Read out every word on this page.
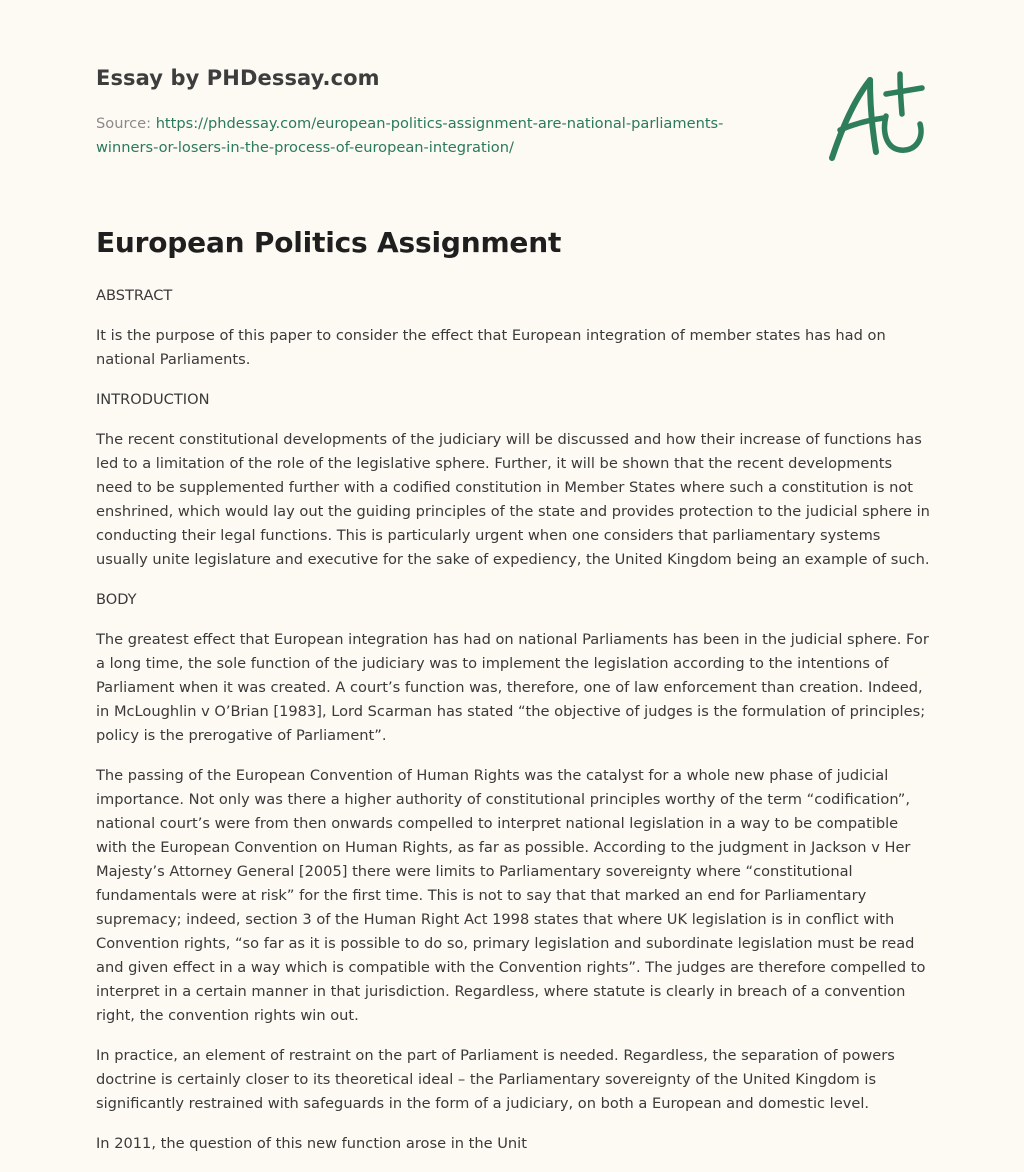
Essay by PHDessay.com
Source: https://phdessay.com/european-politics-assignment-are-national-parliaments-
winners-or-losers-in-the-process-of-european-integration/
European Politics Assignment

ABSTRACT

It is the purpose of this paper to consider the effect that European integration of member states has had on national Parliaments.

INTRODUCTION

The recent constitutional developments of the judiciary will be discussed and how their increase of functions has led to a limitation of the role of the legislative sphere. Further, it will be shown that the recent developments need to be supplemented further with a codified constitution in Member States where such a constitution is not enshrined, which would lay out the guiding principles of the state and provides protection to the judicial sphere in conducting their legal functions. This is particularly urgent when one considers that parliamentary systems usually unite legislature and executive for the sake of expediency, the United Kingdom being an example of such.

BODY

The greatest effect that European integration has had on national Parliaments has been in the judicial sphere. For a long time, the sole function of the judiciary was to implement the legislation according to the intentions of Parliament when it was created. A court’s function was, therefore, one of law enforcement than creation. Indeed, in McLoughlin v O’Brian [1983], Lord Scarman has stated “the objective of judges is the formulation of principles; policy is the prerogative of Parliament”.

The passing of the European Convention of Human Rights was the catalyst for a whole new phase of judicial importance. Not only was there a higher authority of constitutional principles worthy of the term “codification”, national court’s were from then onwards compelled to interpret national legislation in a way to be compatible with the European Convention on Human Rights, as far as possible. According to the judgment in Jackson v Her Majesty’s Attorney General [2005] there were limits to Parliamentary sovereignty where “constitutional fundamentals were at risk” for the first time. This is not to say that that marked an end for Parliamentary supremacy; indeed, section 3 of the Human Right Act 1998 states that where UK legislation is in conflict with Convention rights, “so far as it is possible to do so, primary legislation and subordinate legislation must be read and given effect in a way which is compatible with the Convention rights”. The judges are therefore compelled to interpret in a certain manner in that jurisdiction. Regardless, where statute is clearly in breach of a convention right, the convention rights win out.

In practice, an element of restraint on the part of Parliament is needed. Regardless, the separation of powers doctrine is certainly closer to its theoretical ideal – the Parliamentary sovereignty of the United Kingdom is significantly restrained with safeguards in the form of a judiciary, on both a European and domestic level.

In 2011, the question of this new function arose in the Unit
